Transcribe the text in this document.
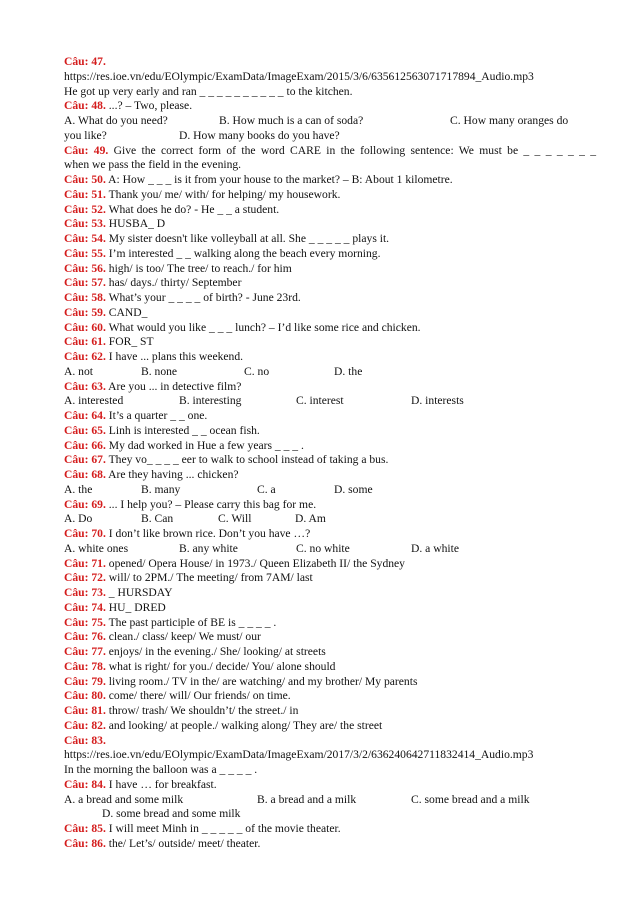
Câu: 47.
https://res.ioe.vn/edu/EOlympic/ExamData/ImageExam/2015/3/6/635612563071717894_Audio.mp3
He got up very early and ran _ _ _ _ _ _ _ _ _ _ to the kitchen.
Câu: 48. ...? – Two, please.
A. What do you need?	B. How much is a can of soda?	C. How many oranges do
you like?	D. How many books do you have?
Câu: 49. Give the correct form of the word CARE in the following sentence: We must be _ _ _ _ _ _ _
when we pass the field in the evening.
Câu: 50. A: How _ _ _ is it from your house to the market? – B: About 1 kilometre.
Câu: 51. Thank you/ me/ with/ for helping/ my housework.
Câu: 52. What does he do? - He _ _ a student.
Câu: 53. HUSBA_ D
Câu: 54. My sister doesn't like volleyball at all. She _ _ _ _ _ plays it.
Câu: 55. I’m interested _ _ walking along the beach every morning.
Câu: 56. high/ is too/ The tree/ to reach./ for him
Câu: 57. has/ days./ thirty/ September
Câu: 58. What’s your _ _ _ _ of birth? - June 23rd.
Câu: 59. CAND_
Câu: 60. What would you like _ _ _ lunch? – I’d like some rice and chicken.
Câu: 61. FOR_ ST
Câu: 62. I have ... plans this weekend.
A. not	B. none	C. no	D. the
Câu: 63. Are you ... in detective film?
A. interested	B. interesting	C. interest	D. interests
Câu: 64. It’s a quarter _ _ one.
Câu: 65. Linh is interested _ _ ocean fish.
Câu: 66. My dad worked in Hue a few years _ _ _ .
Câu: 67. They vo_ _ _ _ eer to walk to school instead of taking a bus.
Câu: 68. Are they having ... chicken?
A. the	B. many	C. a	D. some
Câu: 69. ... I help you? – Please carry this bag for me.
A. Do	B. Can	C. Will	D. Am
Câu: 70. I don’t like brown rice. Don’t you have …?
A. white ones	B. any white	C. no white	D. a white
Câu: 71. opened/ Opera House/ in 1973./ Queen Elizabeth II/ the Sydney
Câu: 72. will/ to 2PM./ The meeting/ from 7AM/ last
Câu: 73. _ HURSDAY
Câu: 74. HU_ DRED
Câu: 75. The past participle of BE is _ _ _ _ .
Câu: 76. clean./ class/ keep/ We must/ our
Câu: 77. enjoys/ in the evening./ She/ looking/ at streets
Câu: 78. what is right/ for you./ decide/ You/ alone should
Câu: 79. living room./ TV in the/ are watching/ and my brother/ My parents
Câu: 80. come/ there/ will/ Our friends/ on time.
Câu: 81. throw/ trash/ We shouldn’t/ the street./ in
Câu: 82. and looking/ at people./ walking along/ They are/ the street
Câu: 83.
https://res.ioe.vn/edu/EOlympic/ExamData/ImageExam/2017/3/2/636240642711832414_Audio.mp3
In the morning the balloon was a _ _ _ _ .
Câu: 84. I have … for breakfast.
A. a bread and some milk	B. a bread and a milk	C. some bread and a milk
D. some bread and some milk
Câu: 85. I will meet Minh in _ _ _ _ _ of the movie theater.
Câu: 86. the/ Let’s/ outside/ meet/ theater.
